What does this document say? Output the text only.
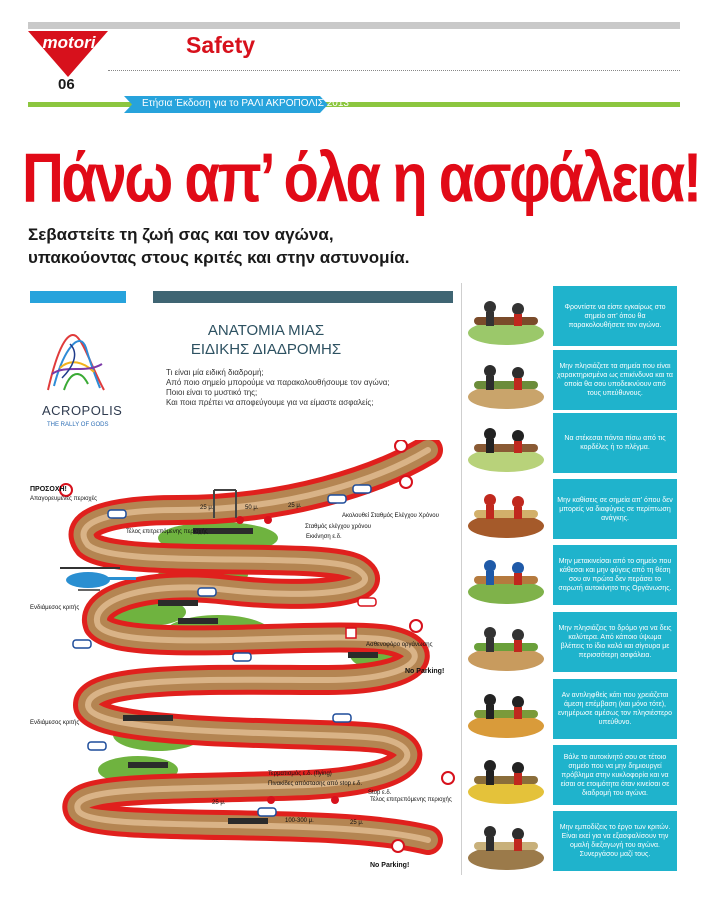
motori
06
Safety
Ετήσια Έκδοση για το ΡΑΛΙ ΑΚΡΟΠΟΛΙΣ 2013
Πάνω απ’ όλα η ασφάλεια!
Σεβαστείτε τη ζωή σας και τον αγώνα,
υπακούοντας στους κριτές και στην αστυνομία.
ACROPOLIS
THE RALLY OF GODS
ΑΝΑΤΟΜΙΑ ΜΙΑΣ
ΕΙΔΙΚΗΣ ΔΙΑΔΡΟΜΗΣ
Τι είναι μία ειδική διαδρομή;
Από ποιο σημείο μπορούμε να παρακολουθήσουμε τον αγώνα;
Ποιοι είναι το μυστικό της;
Και ποια πρέπει να αποφεύγουμε για να είμαστε ασφαλείς;
ΠΡΟΣΟΧΗ!
Απαγορευμένες περιοχές
Τέλος επιτρεπόμενης περιοχής
Εκκίνηση ε.δ.
Σταθμός ελέγχου χρόνου
Ακολουθεί Σταθμός Ελέγχου Χρόνου
25 μ.	50 μ.	25 μ.
Ενδιάμεσος κριτής
Ασθενοφόρο οργάνωσης
No Parking!
Ενδιάμεσος κριτής
Τερματισμός ε.δ. (flying)
Πινακίδες απόστασης από stop ε.δ.
Stop ε.δ.
Τέλος επιτρεπόμενης περιοχής
25 μ.
100-300 μ.	25 μ.
No Parking!
Φροντίστε να είστε εγκαίρως στο σημείο απ’ όπου θα παρακολουθήσετε τον αγώνα.
Μην πλησιάζετε τα σημεία που είναι χαρακτηρισμένα ως επικίνδυνα και τα οποία θα σου υποδεικνύουν από τους υπεύθυνους.
Να στέκεσαι πάντα πίσω από τις κορδέλες ή το πλέγμα.
Μην καθίσεις σε σημεία απ’ όπου δεν μπορείς να διαφύγεις σε περίπτωση ανάγκης.
Μην μετακινείσαι από το σημείο που κάθεσαι και μην φύγεις από τη θέση σου αν πρώτα δεν περάσει το σαρωτή αυτοκίνητο της Οργάνωσης.
Μην πλησιάζεις το δρόμο για να δεις καλύτερα. Από κάποιο ύψωμα βλέπεις το ίδιο καλά και σίγουρα με περισσότερη ασφάλεια.
Αν αντιληφθείς κάτι που χρειάζεται άμεση επέμβαση (και μόνο τότε), ενημέρωσε αμέσως τον πλησιέστερο υπεύθυνο.
Βάλε το αυτοκίνητό σου σε τέτοιο σημείο που να μην δημιουργεί πρόβλημα στην κυκλοφορία και να είσαι σε ετοιμότητα όταν κινείσαι σε διαδρομή του αγώνα.
Μην εμποδίζεις το έργο των κριτών. Είναι εκεί για να εξασφαλίσουν την ομαλή διεξαγωγή του αγώνα. Συνεργάσου μαζί τους.
